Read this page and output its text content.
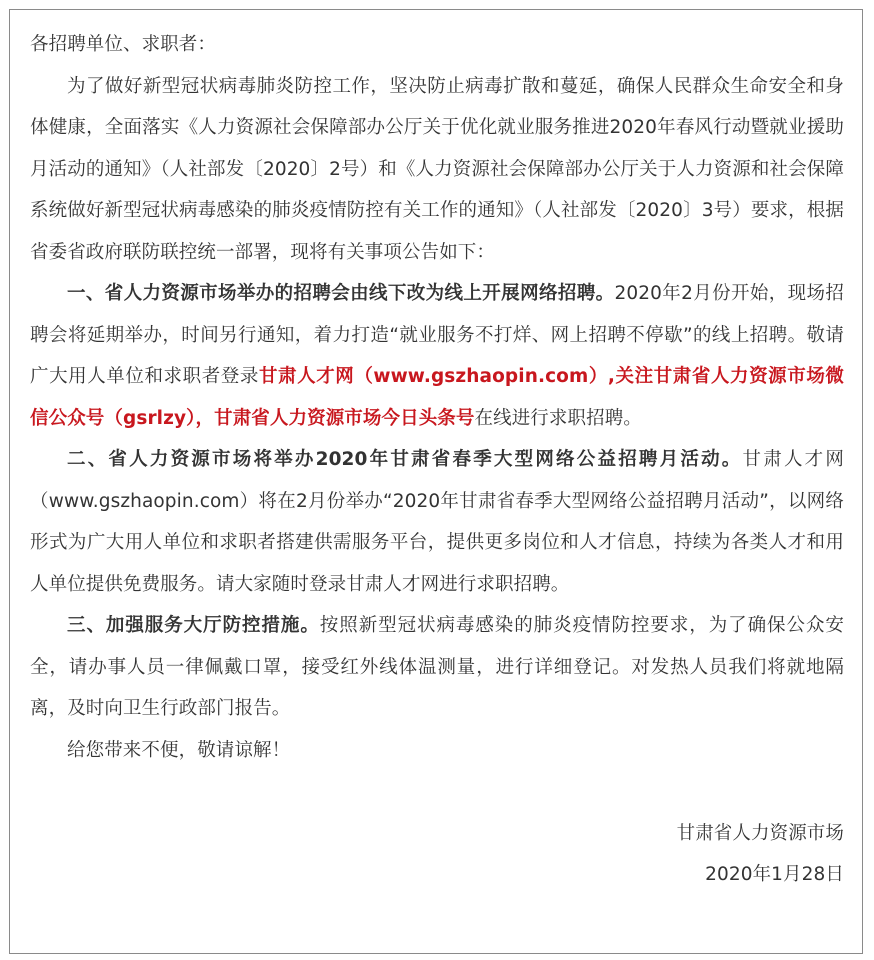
各招聘单位、求职者：

为了做好新型冠状病毒肺炎防控工作，坚决防止病毒扩散和蔓延，确保人民群众生命安全和身体健康，全面落实《人力资源社会保障部办公厅关于优化就业服务推进2020年春风行动暨就业援助月活动的通知》（人社部发〔2020〕2号）和《人力资源社会保障部办公厅关于人力资源和社会保障系统做好新型冠状病毒感染的肺炎疫情防控有关工作的通知》（人社部发〔2020〕3号）要求，根据省委省政府联防联控统一部署，现将有关事项公告如下：

一、省人力资源市场举办的招聘会由线下改为线上开展网络招聘。2020年2月份开始，现场招聘会将延期举办，时间另行通知，着力打造“就业服务不打烊、网上招聘不停歇”的线上招聘。敬请广大用人单位和求职者登录甘肃人才网（www.gszhaopin.com）,关注甘肃省人力资源市场微信公众号（gsrlzy），甘肃省人力资源市场今日头条号在线进行求职招聘。

二、省人力资源市场将举办2020年甘肃省春季大型网络公益招聘月活动。甘肃人才网（www.gszhaopin.com）将在2月份举办“2020年甘肃省春季大型网络公益招聘月活动”，以网络形式为广大用人单位和求职者搭建供需服务平台，提供更多岗位和人才信息，持续为各类人才和用人单位提供免费服务。请大家随时登录甘肃人才网进行求职招聘。

三、加强服务大厅防控措施。按照新型冠状病毒感染的肺炎疫情防控要求，为了确保公众安全，请办事人员一律佩戴口罩，接受红外线体温测量，进行详细登记。对发热人员我们将就地隔离，及时向卫生行政部门报告。

给您带来不便，敬请谅解！

甘肃省人力资源市场

2020年1月28日
